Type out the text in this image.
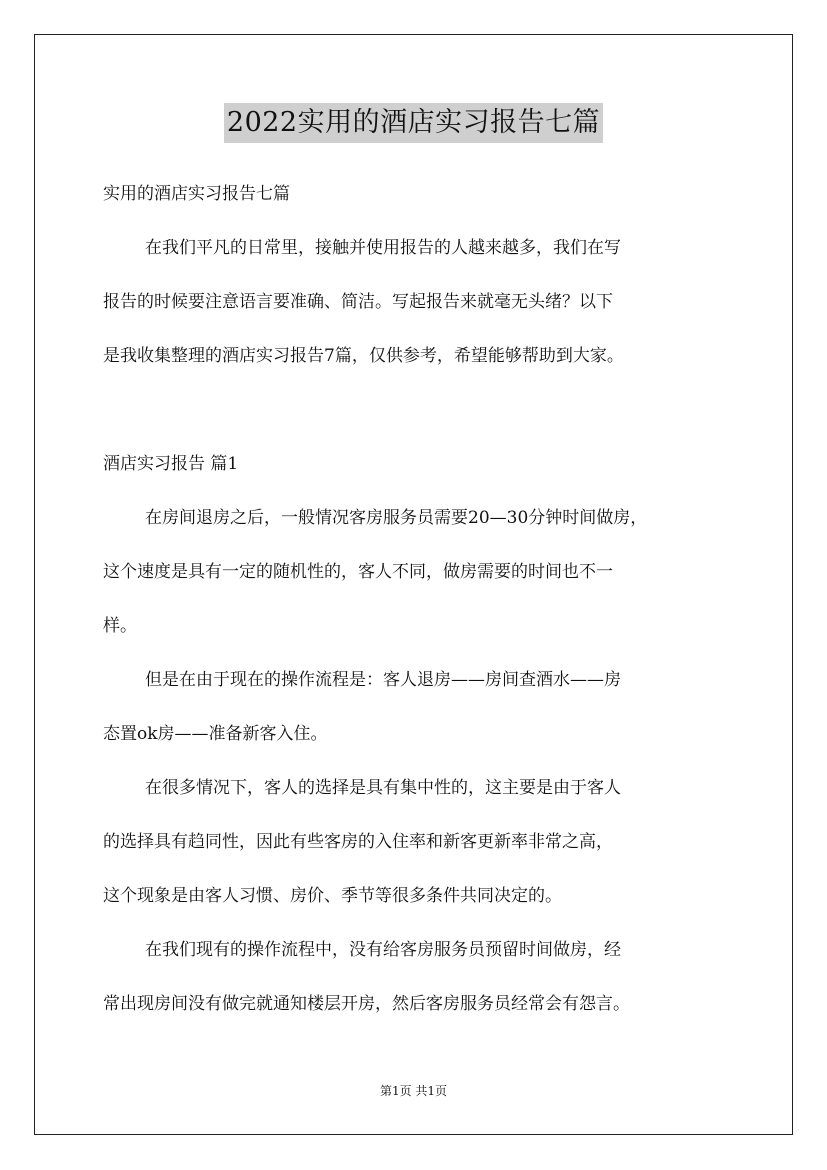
2022实用的酒店实习报告七篇
实用的酒店实习报告七篇
在我们平凡的日常里，接触并使用报告的人越来越多，我们在写
报告的时候要注意语言要准确、简洁。写起报告来就毫无头绪？以下
是我收集整理的酒店实习报告7篇，仅供参考，希望能够帮助到大家。
酒店实习报告 篇1
在房间退房之后，一般情况客房服务员需要20—30分钟时间做房，
这个速度是具有一定的随机性的，客人不同，做房需要的时间也不一
样。
但是在由于现在的操作流程是：客人退房——房间查酒水——房
态置ok房——准备新客入住。
在很多情况下，客人的选择是具有集中性的，这主要是由于客人
的选择具有趋同性，因此有些客房的入住率和新客更新率非常之高，
这个现象是由客人习惯、房价、季节等很多条件共同决定的。
在我们现有的操作流程中，没有给客房服务员预留时间做房，经
常出现房间没有做完就通知楼层开房，然后客房服务员经常会有怨言。
第1页 共1页
